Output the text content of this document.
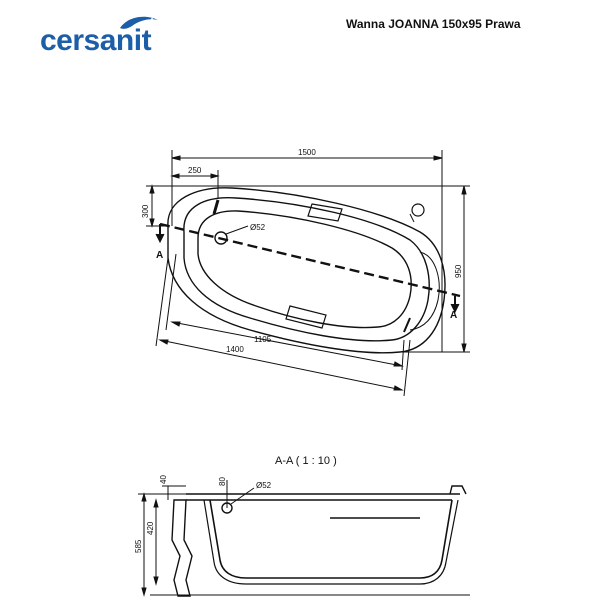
cersanit	Wanna JOANNA 150x95 Prawa
1500
250
300
950
1105
1400
Ø52
A
A
A-A ( 1 : 10 )
40	80
420
585
Ø52
